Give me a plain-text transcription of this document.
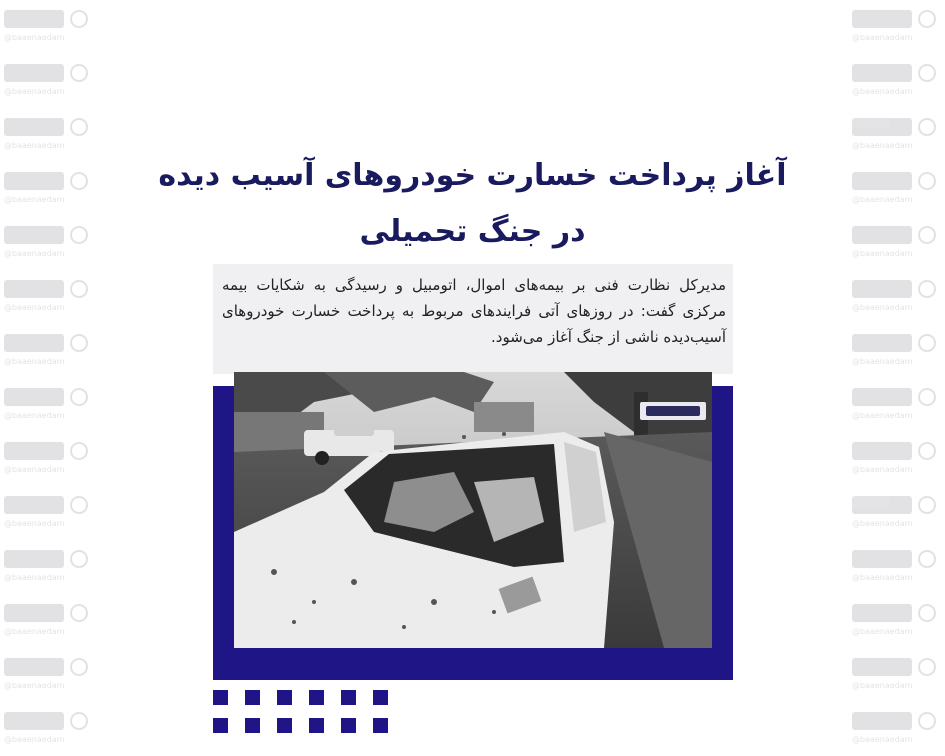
@baaenaedam
@baaenaedam
@baaenaedam
@baaenaedam
@baaenaedam
@baaenaedam
@baaenaedam
@baaenaedam
@baaenaedam
@baaenaedam
@baaenaedam
@baaenaedam
@baaenaedam
@baaenaedam
@baaenaedam
@baaenaedam
@baaenaedam
@baaenaedam
@baaenaedam
@baaenaedam
@baaenaedam
@baaenaedam
@baaenaedam
@baaenaedam
@baaenaedam
@baaenaedam
@baaenaedam
@baaenaedam
آغاز پرداخت خسارت خودروهای آسیب دیده
در جنگ تحمیلی
مدیرکل نظارت فنی بر بیمه‌های اموال، اتومبیل و رسیدگی به شکایات بیمه مرکزی گفت: در روزهای آتی فرایندهای مربوط به پرداخت خسارت خودروهای آسیب‌دیده ناشی از جنگ آغاز می‌شود.
